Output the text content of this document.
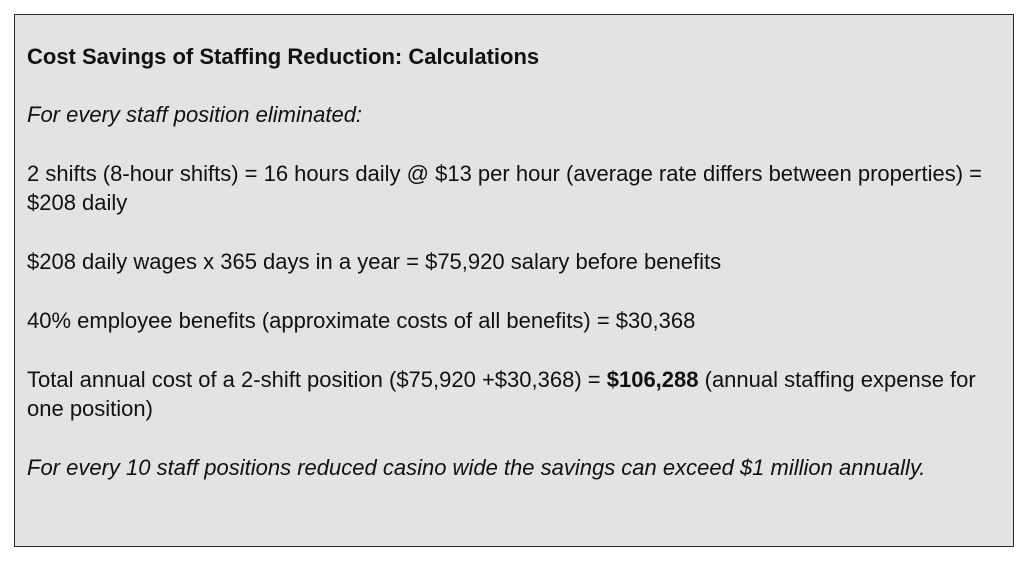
Cost Savings of Staffing Reduction: Calculations
For every staff position eliminated:
2 shifts (8-hour shifts) = 16 hours daily @ $13 per hour (average rate differs between properties) = $208 daily
$208 daily wages x 365 days in a year = $75,920 salary before benefits
40% employee benefits (approximate costs of all benefits) = $30,368
Total annual cost of a 2-shift position ($75,920 +$30,368) = $106,288 (annual staffing expense for one position)
For every 10 staff positions reduced casino wide the savings can exceed $1 million annually.
